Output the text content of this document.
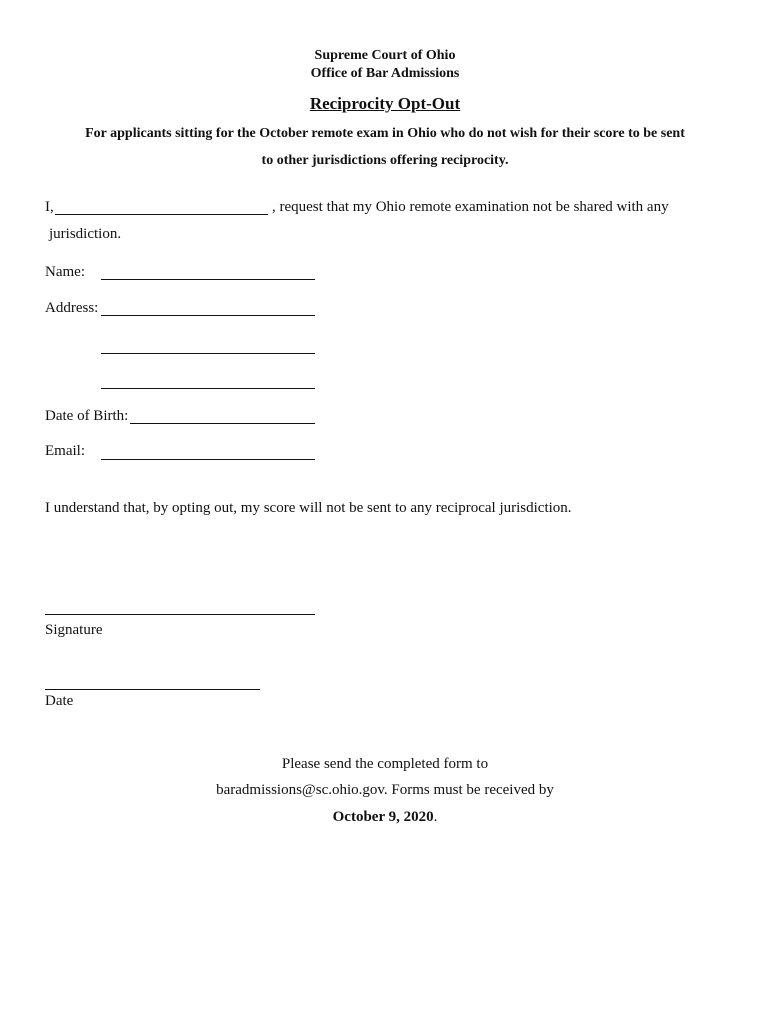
Supreme Court of Ohio
Office of Bar Admissions
Reciprocity Opt-Out
For applicants sitting for the October remote exam in Ohio who do not wish for their score to be sent
to other jurisdictions offering reciprocity.
I,	, request that my Ohio remote examination not be shared with any
jurisdiction.
Name:
Address:
Date of Birth:
Email:
I understand that, by opting out, my score will not be sent to any reciprocal jurisdiction.
Signature
Date
Please send the completed form to
baradmissions@sc.ohio.gov. Forms must be received by
October 9, 2020.
